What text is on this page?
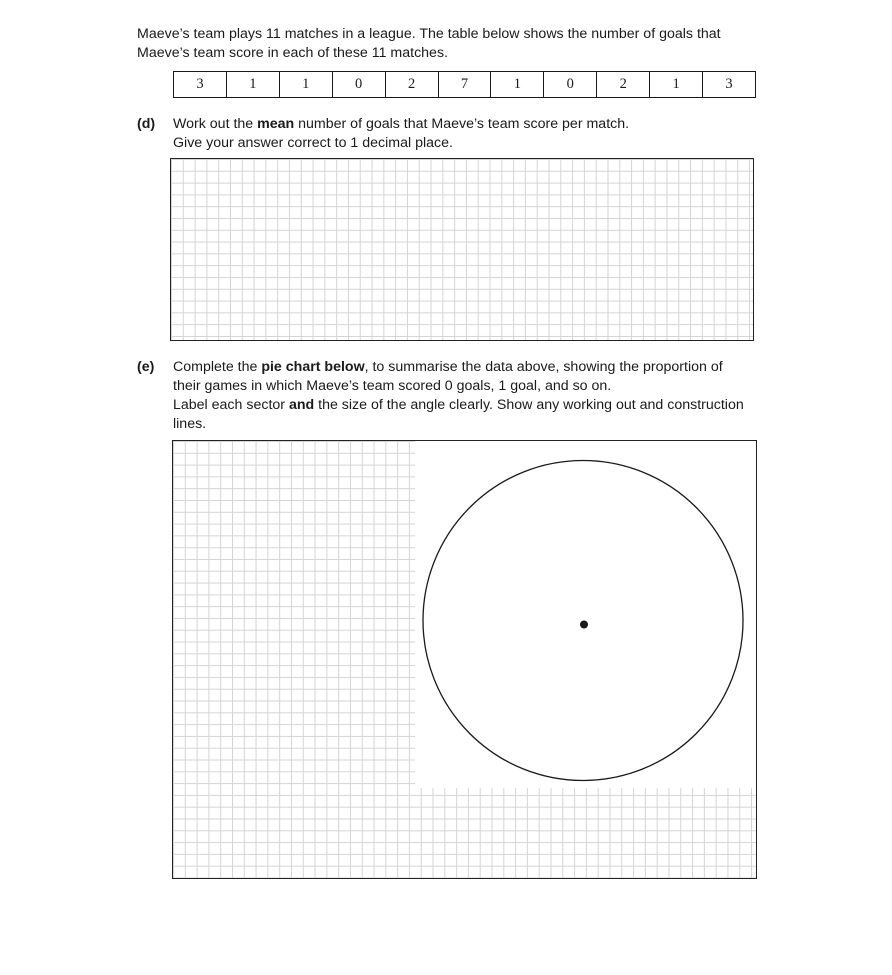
Maeve’s team plays 11 matches in a league. The table below shows the number of goals that
Maeve’s team score in each of these 11 matches.
3	1	1	0	2	7	1	0	2	1	3
(d) Work out the mean number of goals that Maeve’s team score per match.
Give your answer correct to 1 decimal place.
(e) Complete the pie chart below, to summarise the data above, showing the proportion of
their games in which Maeve’s team scored 0 goals, 1 goal, and so on.
Label each sector and the size of the angle clearly. Show any working out and construction
lines.
